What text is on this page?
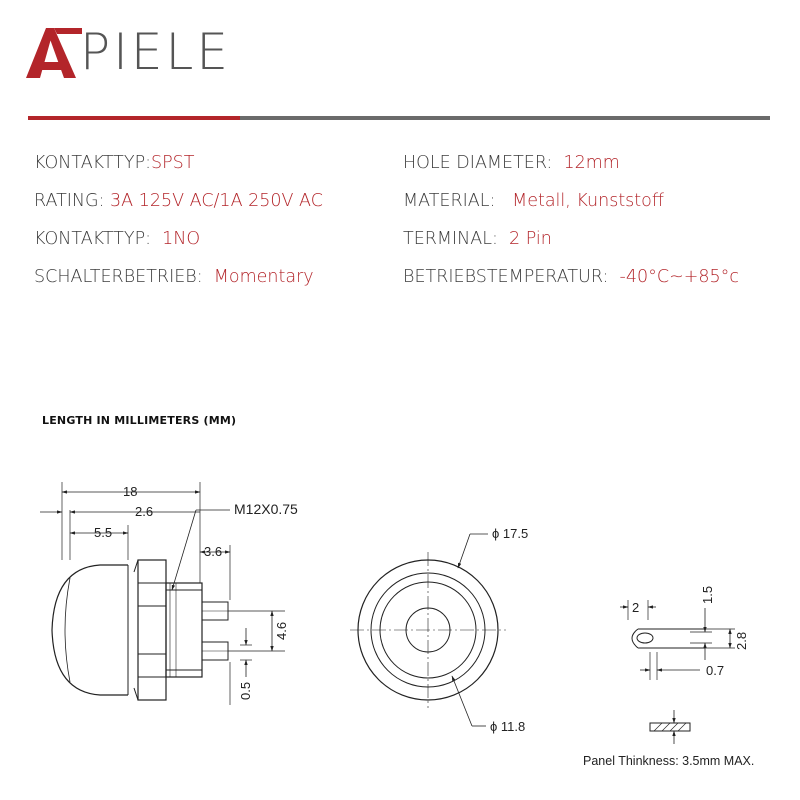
PIELE
KONTAKTTYP:SPST
RATING: 3A 125V AC/1A 250V AC
KONTAKTTYP: 1NO
SCHALTERBETRIEB: Momentary
HOLE DIAMETER: 12mm
MATERIAL: Metall, Kunststoff
TERMINAL: 2 Pin
BETRIEBSTEMPERATUR: -40°C~+85°c
LENGTH IN MILLIMETERS (MM)
18
2.6
5.5
3.6
M12X0.75
4.6
0.5
ϕ 17.5
ϕ 11.8
2
1.5
2.8
0.7
Panel Thinkness: 3.5mm MAX.
